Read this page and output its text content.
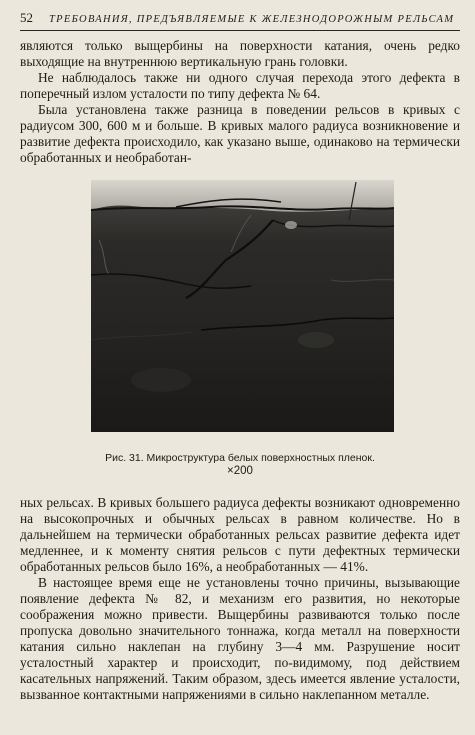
52 ТРЕБОВАНИЯ, ПРЕДЪЯВЛЯЕМЫЕ К ЖЕЛЕЗНОДОРОЖНЫМ РЕЛЬСАМ

являются только выщербины на поверхности катания, очень редко выходящие на внутреннюю вертикальную грань головки.

Не наблюдалось также ни одного случая перехода этого дефекта в поперечный излом усталости по типу дефекта № 64.

Была установлена также разница в поведении рельсов в кривых с радиусом 300, 600 м и больше. В кривых малого радиуса возникновение и развитие дефекта происходило, как указано выше, одинаково на термически обработанных и необработан-

Рис. 31. Микроструктура белых поверхностных пленок.
×200

ных рельсах. В кривых большего радиуса дефекты возникают одновременно на высокопрочных и обычных рельсах в равном количестве. Но в дальнейшем на термически обработанных рельсах развитие дефекта идет медленнее, и к моменту снятия рельсов с пути дефектных термически обработанных рельсов было 16%, а необработанных — 41%.

В настоящее время еще не установлены точно причины, вызывающие появление дефекта № 82, и механизм его развития, но некоторые соображения можно привести. Выщербины развиваются только после пропуска довольно значительного тоннажа, когда металл на поверхности катания сильно наклепан на глубину 3—4 мм. Разрушение носит усталостный характер и происходит, по-видимому, под действием касательных напряжений. Таким образом, здесь имеется явление усталости, вызванное контактными напряжениями в сильно наклепанном металле.
